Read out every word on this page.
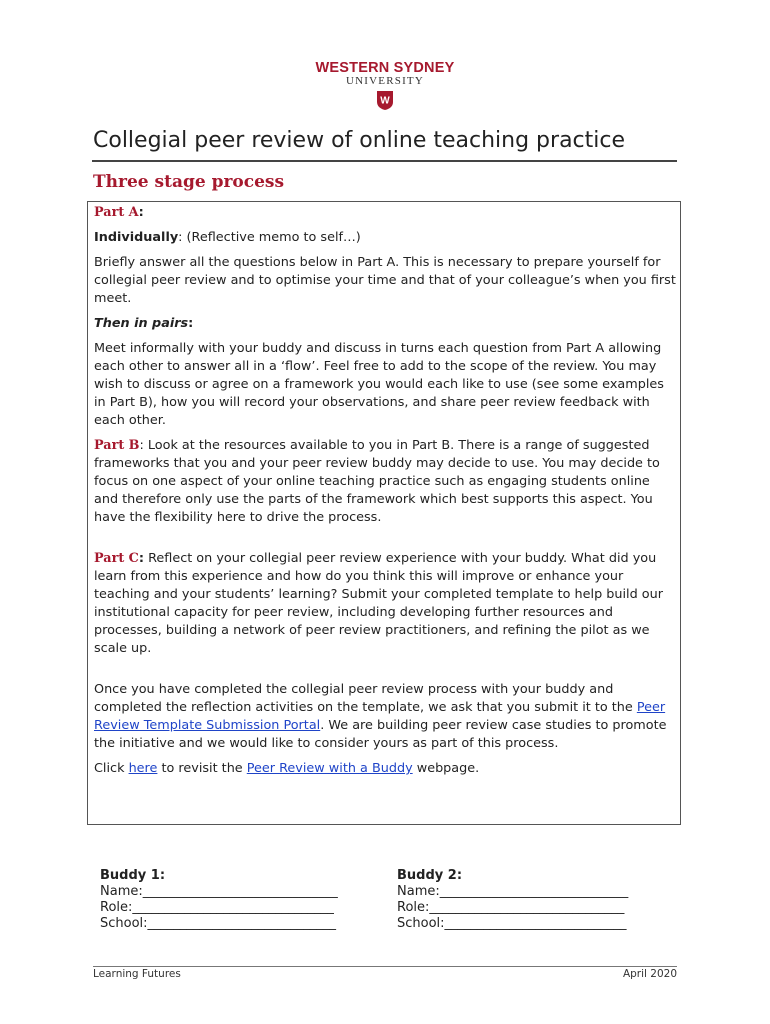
WESTERN SYDNEY
UNIVERSITY
W
Collegial peer review of online teaching practice
Three stage process

Part A:

Individually: (Reflective memo to self…)

Briefly answer all the questions below in Part A. This is necessary to prepare yourself for collegial peer review and to optimise your time and that of your colleague’s when you first meet.

Then in pairs:

Meet informally with your buddy and discuss in turns each question from Part A allowing each other to answer all in a ‘flow’. Feel free to add to the scope of the review. You may wish to discuss or agree on a framework you would each like to use (see some examples in Part B), how you will record your observations, and share peer review feedback with each other.

Part B: Look at the resources available to you in Part B. There is a range of suggested frameworks that you and your peer review buddy may decide to use. You may decide to focus on one aspect of your online teaching practice such as engaging students online and therefore only use the parts of the framework which best supports this aspect. You have the flexibility here to drive the process.

Part C: Reflect on your collegial peer review experience with your buddy. What did you learn from this experience and how do you think this will improve or enhance your teaching and your students’ learning? Submit your completed template to help build our institutional capacity for peer review, including developing further resources and processes, building a network of peer review practitioners, and refining the pilot as we scale up.

Once you have completed the collegial peer review process with your buddy and completed the reflection activities on the template, we ask that you submit it to the Peer Review Template Submission Portal. We are building peer review case studies to promote the initiative and we would like to consider yours as part of this process.

Click here to revisit the Peer Review with a Buddy webpage.

Buddy 1:
Name:______________________________
Role:_______________________________
School:_____________________________
Buddy 2:
Name:_____________________________
Role:______________________________
School:____________________________
Learning Futures	April 2020
